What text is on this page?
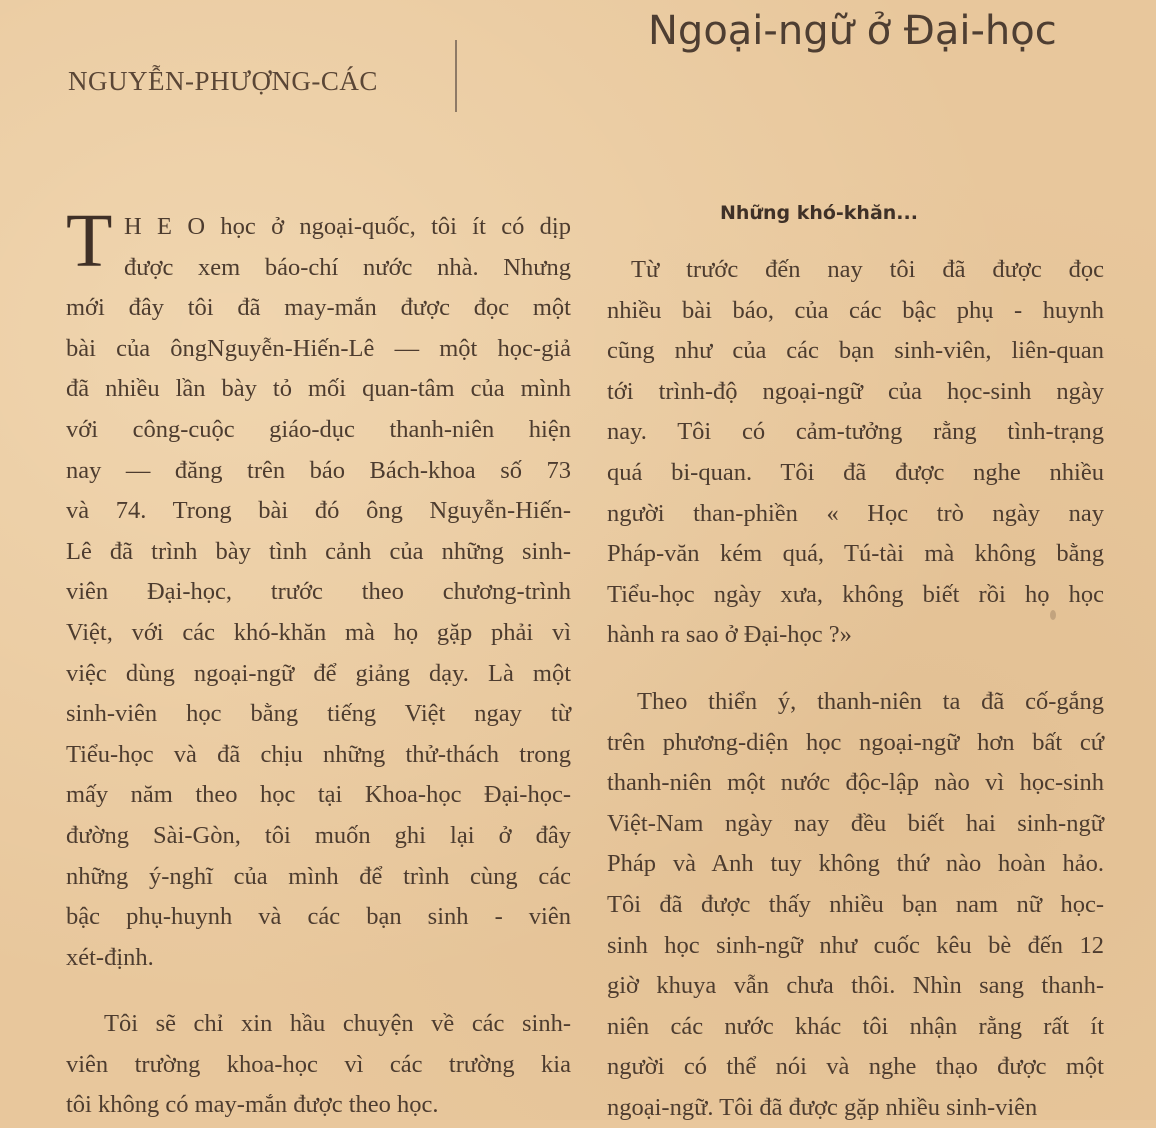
NGUYỄN-PHƯỢNG-CÁC
Ngoại-ngữ ở Đại-học
T H E O học ở ngoại-quốc, tôi ít có dịp
được xem báo-chí nước nhà. Nhưng
mới đây tôi đã may-mắn được đọc một
bài của ôngNguyễn-Hiến-Lê — một học-giả
đã nhiều lần bày tỏ mối quan-tâm của mình
với công-cuộc giáo-dục thanh-niên hiện
nay — đăng trên báo Bách-khoa số 73
và 74. Trong bài đó ông Nguyễn-Hiến-
Lê đã trình bày tình cảnh của những sinh-
viên Đại-học, trước theo chương-trình
Việt, với các khó-khăn mà họ gặp phải vì
việc dùng ngoại-ngữ để giảng dạy. Là một
sinh-viên học bằng tiếng Việt ngay từ
Tiểu-học và đã chịu những thử-thách trong
mấy năm theo học tại Khoa-học Đại-học-
đường Sài-Gòn, tôi muốn ghi lại ở đây
những ý-nghĩ của mình để trình cùng các
bậc phụ-huynh và các bạn sinh - viên
xét-định.
Tôi sẽ chỉ xin hầu chuyện về các sinh-
viên trường khoa-học vì các trường kia
tôi không có may-mắn được theo học.
Những khó-khăn...
Từ trước đến nay tôi đã được đọc
nhiều bài báo, của các bậc phụ - huynh
cũng như của các bạn sinh-viên, liên-quan
tới trình-độ ngoại-ngữ của học-sinh ngày
nay. Tôi có cảm-tưởng rằng tình-trạng
quá bi-quan. Tôi đã được nghe nhiều
người than-phiền « Học trò ngày nay
Pháp-văn kém quá, Tú-tài mà không bằng
Tiểu-học ngày xưa, không biết rồi họ học
hành ra sao ở Đại-học ?»
Theo thiển ý, thanh-niên ta đã cố-gắng
trên phương-diện học ngoại-ngữ hơn bất cứ
thanh-niên một nước độc-lập nào vì học-sinh
Việt-Nam ngày nay đều biết hai sinh-ngữ
Pháp và Anh tuy không thứ nào hoàn hảo.
Tôi đã được thấy nhiều bạn nam nữ học-
sinh học sinh-ngữ như cuốc kêu bè đến 12
giờ khuya vẫn chưa thôi. Nhìn sang thanh-
niên các nước khác tôi nhận rằng rất ít
người có thể nói và nghe thạo được một
ngoại-ngữ. Tôi đã được gặp nhiều sinh-viên
